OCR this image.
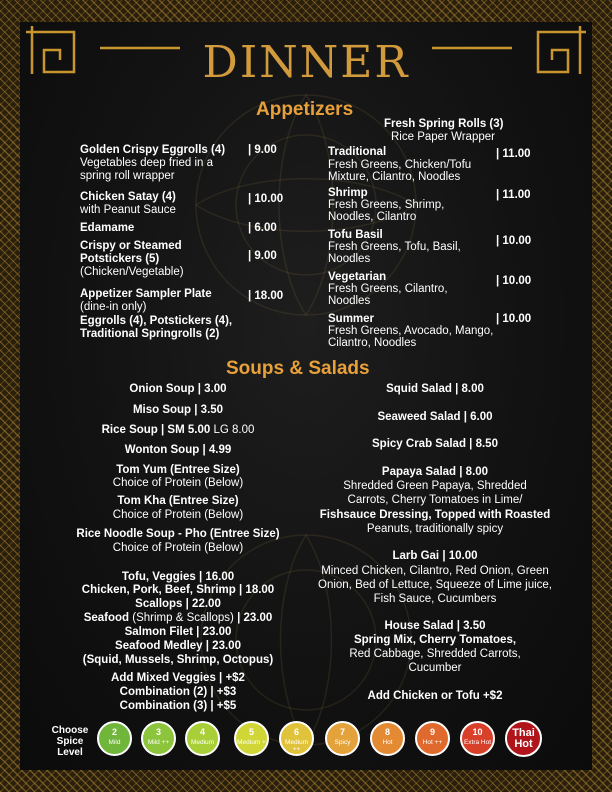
DINNER
Appetizers
Golden Crispy Eggrolls (4)
Vegetables deep fried in a
spring roll wrapper
| 9.00
Chicken Satay (4)
with Peanut Sauce
| 10.00
Edamame	| 6.00
Crispy or Steamed
Potstickers (5)
(Chicken/Vegetable)
| 9.00
Appetizer Sampler Plate
(dine-in only)
Eggrolls (4), Potstickers (4),
Traditional Springrolls (2)
| 18.00
Fresh Spring Rolls (3)
Rice Paper Wrapper
Traditional
Fresh Greens, Chicken/Tofu
Mixture, Cilantro, Noodles
| 11.00
Shrimp
Fresh Greens, Shrimp,
Noodles, Cilantro
| 11.00
Tofu Basil
Fresh Greens, Tofu, Basil,
Noodles
| 10.00
Vegetarian
Fresh Greens, Cilantro,
Noodles
| 10.00
Summer
Fresh Greens, Avocado, Mango,
Cilantro, Noodles
| 10.00
Soups & Salads
Onion Soup | 3.00
Miso Soup | 3.50
Rice Soup | SM 5.00 LG 8.00
Wonton Soup | 4.99
Tom Yum (Entree Size)
Choice of Protein (Below)
Tom Kha (Entree Size)
Choice of Protein (Below)
Rice Noodle Soup - Pho (Entree Size)
Choice of Protein (Below)
Tofu, Veggies | 16.00
Chicken, Pork, Beef, Shrimp | 18.00
Scallops | 22.00
Seafood (Shrimp & Scallops) | 23.00
Salmon Filet | 23.00
Seafood Medley | 23.00
(Squid, Mussels, Shrimp, Octopus)
Add Mixed Veggies | +$2
Combination (2) | +$3
Combination (3) | +$5
Squid Salad | 8.00
Seaweed Salad | 6.00
Spicy Crab Salad | 8.50
Papaya Salad | 8.00
Shredded Green Papaya, Shredded
Carrots, Cherry Tomatoes in Lime/
Fishsauce Dressing, Topped with Roasted
Peanuts, traditionally spicy
Larb Gai | 10.00
Minced Chicken, Cilantro, Red Onion, Green
Onion, Bed of Lettuce, Squeeze of Lime juice,
Fish Sauce, Cucumbers
House Salad | 3.50
Spring Mix, Cherry Tomatoes,
Red Cabbage, Shredded Carrots,
Cucumber
Add Chicken or Tofu +$2
Choose
Spice
Level
2
Mild
3
Mild ++
4
Medium
5
Medium +
6
Medium ++
7
Spicy
8
Hot
9
Hot ++
10
Extra Hot
Thai
Hot
